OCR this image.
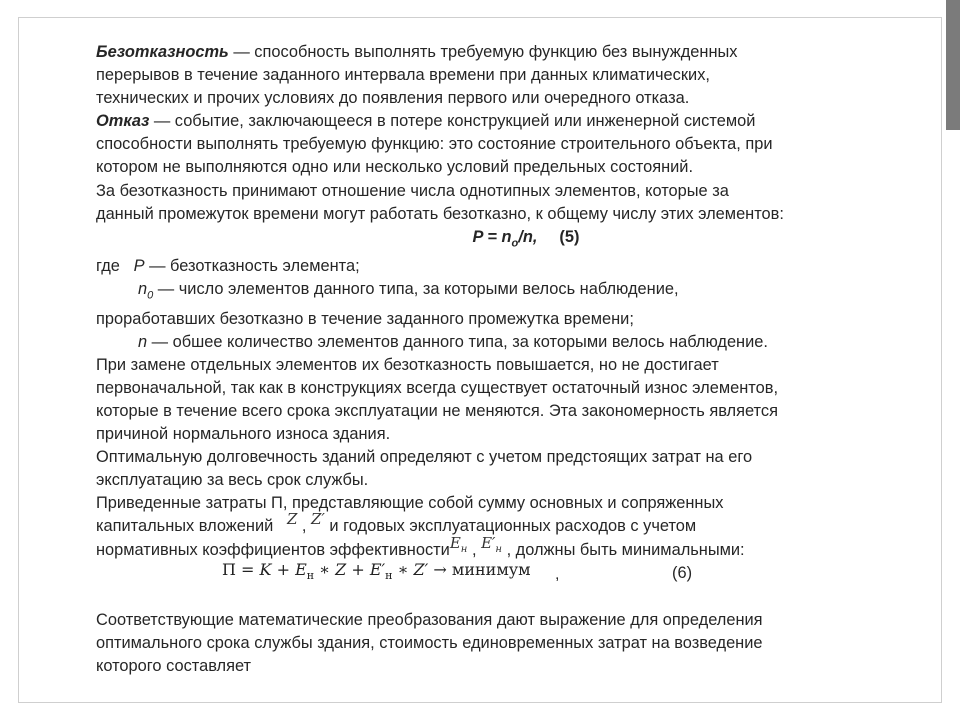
Безотказность — способность выполнять требуемую функцию без вынужденных
перерывов в течение заданного интервала времени при данных климатических,
технических и прочих условиях до появления первого или очередного отказа.
Отказ — событие, заключающееся в потере конструкцией или инженерной системой
способности выполнять требуемую функцию: это состояние строительного объекта, при
котором не выполняются одно или несколько условий предельных состояний.
За безотказность принимают отношение числа однотипных элементов, которые за
данный промежуток времени могут работать безотказно, к общему числу этих элементов:
$P = n_o/n$, (5)
где P — безотказность элемента;
$n_0$ — число элементов данного типа, за которыми велось наблюдение,
проработавших безотказно в течение заданного промежутка времени;
n — обшее количество элементов данного типа, за которыми велось наблюдение.
При замене отдельных элементов их безотказность повышается, но не достигает
первоначальной, так как в конструкциях всегда существует остаточный износ элементов,
которые в течение всего срока эксплуатации не меняются. Эта закономерность является
причиной нормального износа здания.
Оптимальную долговечность зданий определяют с учетом предстоящих затрат на его
эксплуатацию за весь срок службы.
Приведенные затраты П, представляющие собой сумму основных и сопряженных
капитальных вложений Z , Z′ и годовых эксплуатационных расходов с учетом
нормативных коэффициентов эффективностиE$_н$ , $E'_н$ , должны быть минимальными:
$П = K + E_н$ ∗ $Z + E'_н$ ∗ Z′ → минимум ,	(6)
Соответствующие математические преобразования дают выражение для определения
оптимального срока службы здания, стоимость единовременных затрат на возведение
которого составляет
